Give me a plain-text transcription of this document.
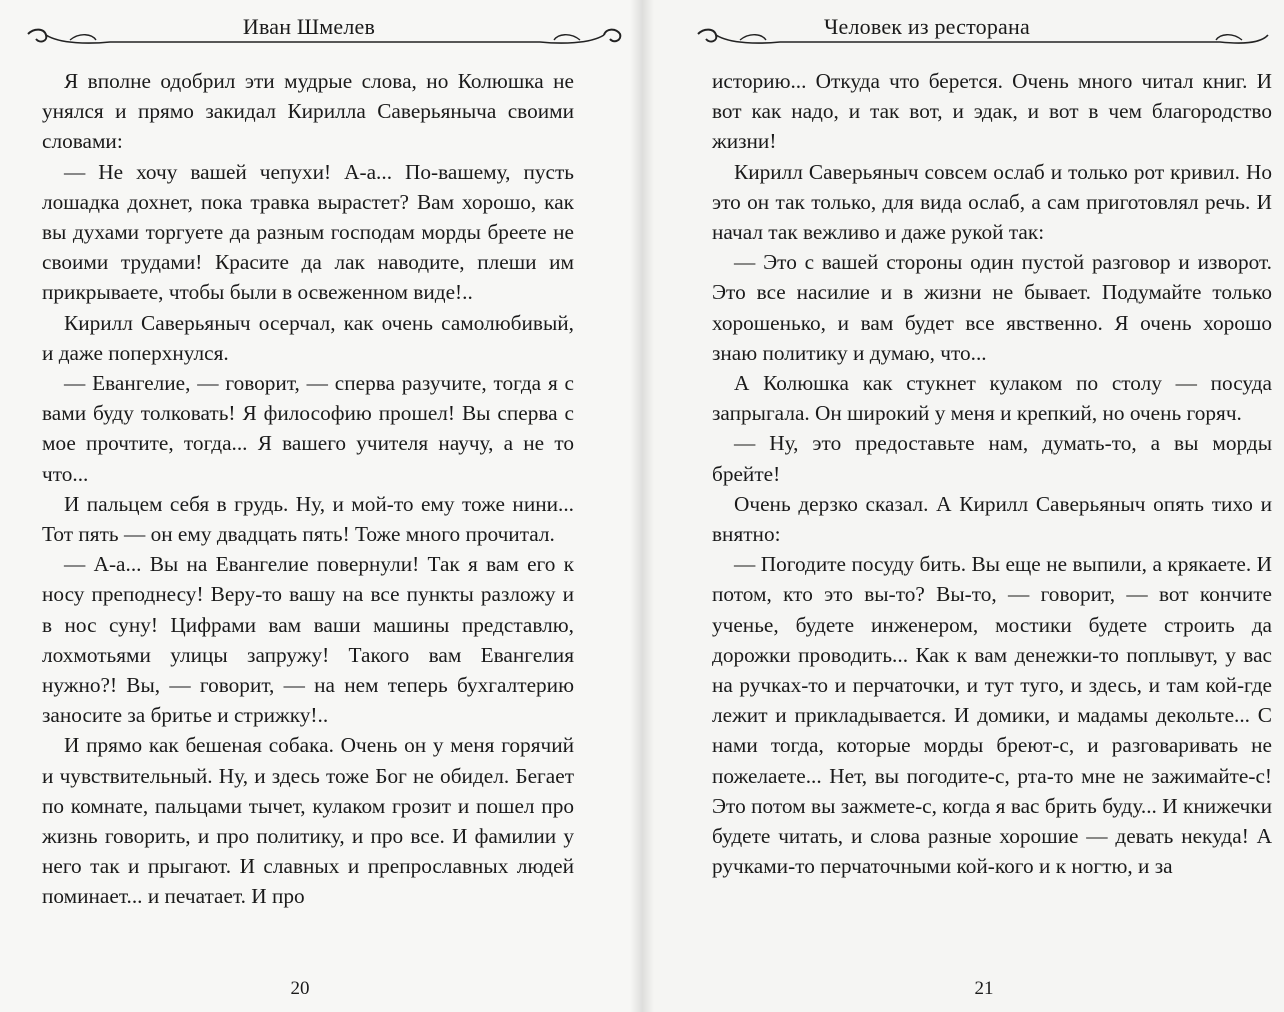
Иван Шмелев

Я вполне одобрил эти мудрые слова, но Колюшка не унялся и прямо закидал Кирилла Саверьяныча своими словами:

— Не хочу вашей чепухи! А-а... По-вашему, пусть лошадка дохнет, пока травка вырастет? Вам хорошо, как вы духами торгуете да разным господам морды бреете не своими трудами! Красите да лак наводите, плеши им прикрываете, чтобы были в освеженном виде!..

Кирилл Саверьяныч осерчал, как очень самолюбивый, и даже поперхнулся.

— Евангелие, — говорит, — сперва разучите, тогда я с вами буду толковать! Я философию прошел! Вы сперва с мое прочтите, тогда... Я вашего учителя научу, а не то что...

И пальцем себя в грудь. Ну, и мой-то ему тоже нини... Тот пять — он ему двадцать пять! Тоже много прочитал.

— А-а... Вы на Евангелие повернули! Так я вам его к носу преподнесу! Веру-то вашу на все пункты разложу и в нос суну! Цифрами вам ваши машины представлю, лохмотьями улицы запружу! Такого вам Евангелия нужно?! Вы, — говорит, — на нем теперь бухгалтерию заносите за бритье и стрижку!..

И прямо как бешеная собака. Очень он у меня горячий и чувствительный. Ну, и здесь тоже Бог не обидел. Бегает по комнате, пальцами тычет, кулаком грозит и пошел про жизнь говорить, и про политику, и про все. И фамилии у него так и прыгают. И славных и препрославных людей поминает... и печатает. И про

20
Человек из ресторана

историю... Откуда что берется. Очень много читал книг. И вот как надо, и так вот, и эдак, и вот в чем благородство жизни!

Кирилл Саверьяныч совсем ослаб и только рот кривил. Но это он так только, для вида ослаб, а сам приготовлял речь. И начал так вежливо и даже рукой так:

— Это с вашей стороны один пустой разговор и изворот. Это все насилие и в жизни не бывает. Подумайте только хорошенько, и вам будет все явственно. Я очень хорошо знаю политику и думаю, что...

А Колюшка как стукнет кулаком по столу — посуда запрыгала. Он широкий у меня и крепкий, но очень горяч.

— Ну, это предоставьте нам, думать-то, а вы морды брейте!

Очень дерзко сказал. А Кирилл Саверьяныч опять тихо и внятно:

— Погодите посуду бить. Вы еще не выпили, а крякаете. И потом, кто это вы-то? Вы-то, — говорит, — вот кончите ученье, будете инженером, мостики будете строить да дорожки проводить... Как к вам денежки-то поплывут, у вас на ручках-то и перчаточки, и тут туго, и здесь, и там кой-где лежит и прикладывается. И домики, и мадамы декольте... С нами тогда, которые морды бреют-с, и разговаривать не пожелаете... Нет, вы погодите-с, рта-то мне не зажимайте-с! Это потом вы зажмете-с, когда я вас брить буду... И книжечки будете читать, и слова разные хорошие — девать некуда! А ручками-то перчаточными кой-кого и к ногтю, и за

21
